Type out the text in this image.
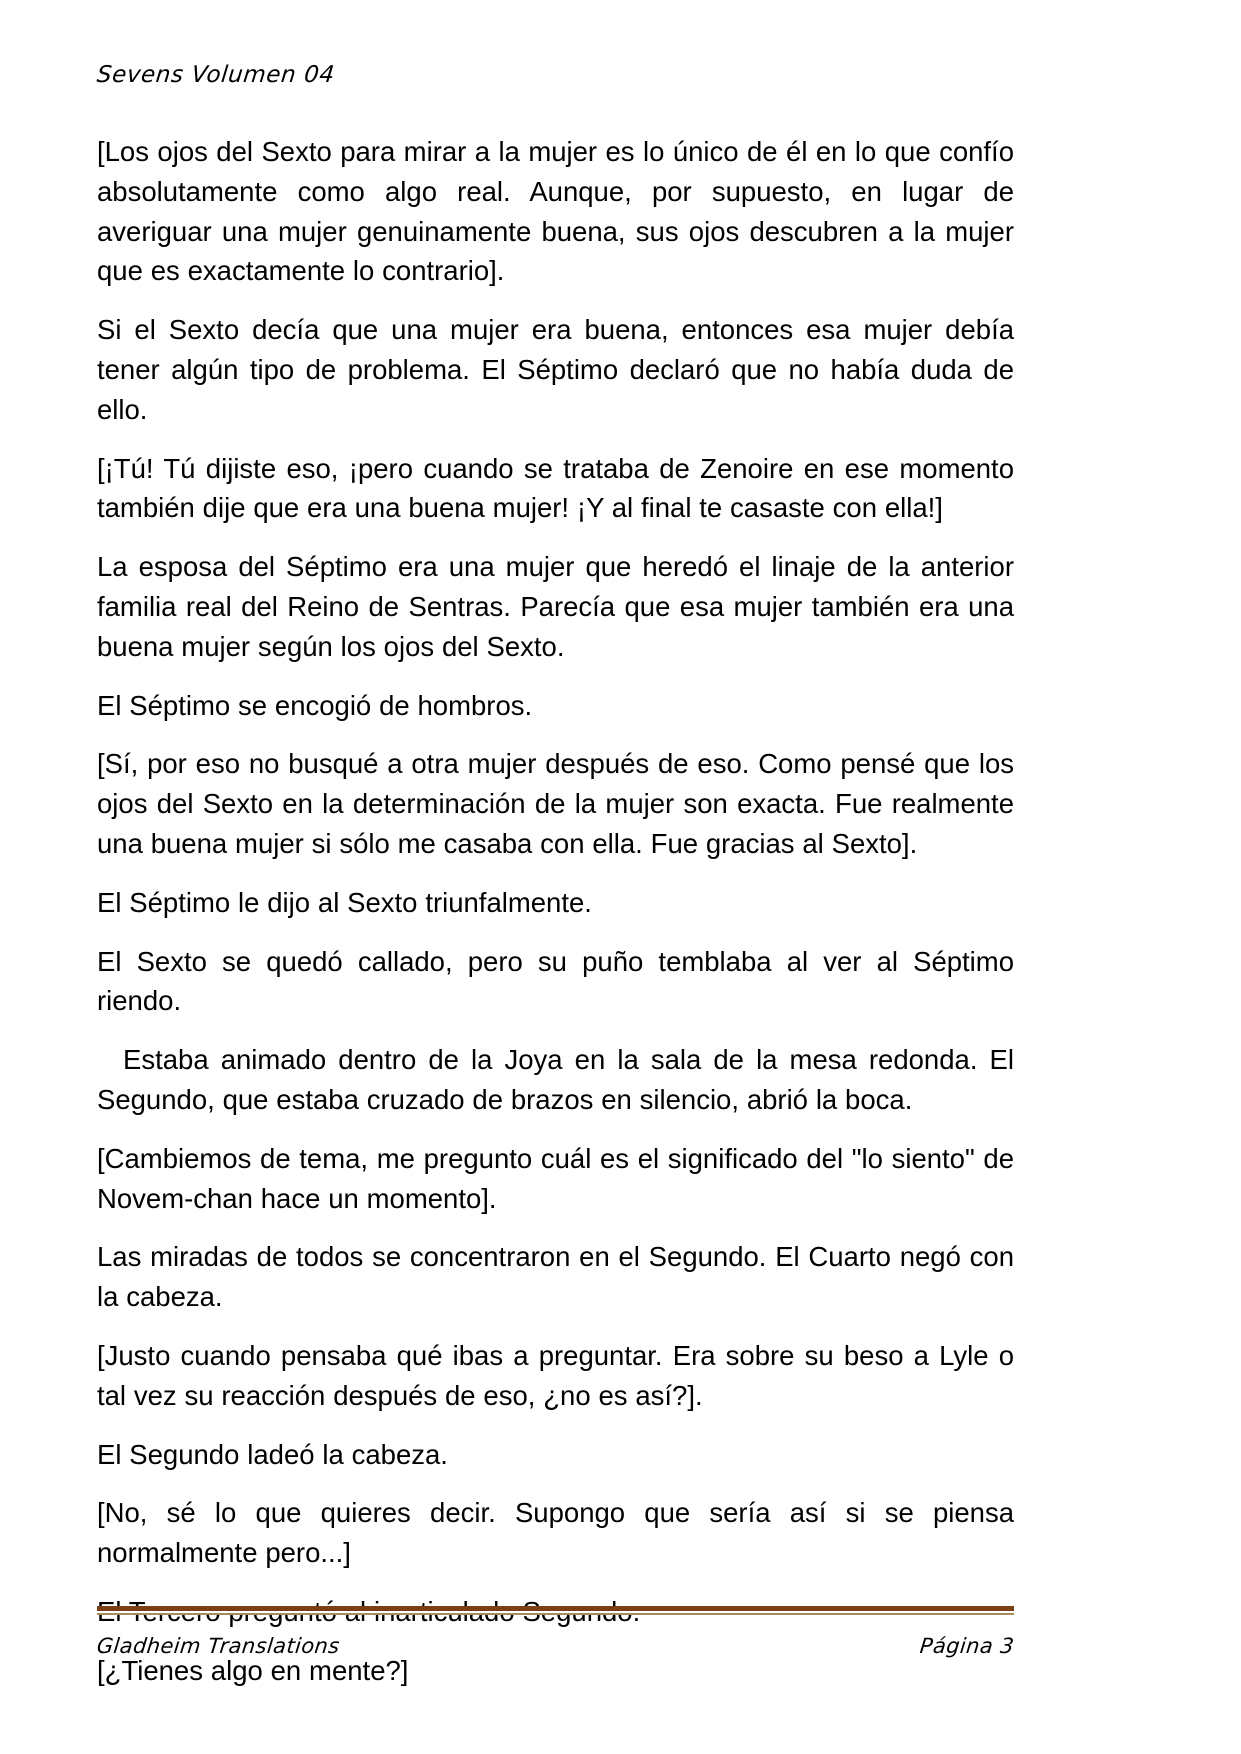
Sevens Volumen 04

[Los ojos del Sexto para mirar a la mujer es lo único de él en lo que confío absolutamente como algo real. Aunque, por supuesto, en lugar de averiguar una mujer genuinamente buena, sus ojos descubren a la mujer que es exactamente lo contrario].

Si el Sexto decía que una mujer era buena, entonces esa mujer debía tener algún tipo de problema. El Séptimo declaró que no había duda de ello.

[¡Tú! Tú dijiste eso, ¡pero cuando se trataba de Zenoire en ese momento también dije que era una buena mujer! ¡Y al final te casaste con ella!]

La esposa del Séptimo era una mujer que heredó el linaje de la anterior familia real del Reino de Sentras. Parecía que esa mujer también era una buena mujer según los ojos del Sexto.

El Séptimo se encogió de hombros.

[Sí, por eso no busqué a otra mujer después de eso. Como pensé que los ojos del Sexto en la determinación de la mujer son exacta. Fue realmente una buena mujer si sólo me casaba con ella. Fue gracias al Sexto].

El Séptimo le dijo al Sexto triunfalmente.

El Sexto se quedó callado, pero su puño temblaba al ver al Séptimo riendo.

Estaba animado dentro de la Joya en la sala de la mesa redonda. El Segundo, que estaba cruzado de brazos en silencio, abrió la boca.

[Cambiemos de tema, me pregunto cuál es el significado del "lo siento" de Novem-chan hace un momento].

Las miradas de todos se concentraron en el Segundo. El Cuarto negó con la cabeza.

[Justo cuando pensaba qué ibas a preguntar. Era sobre su beso a Lyle o tal vez su reacción después de eso, ¿no es así?].

El Segundo ladeó la cabeza.

[No, sé lo que quieres decir. Supongo que sería así si se piensa normalmente pero...]

[¿Tienes algo en mente?]

Gladheim Translations	Página 3
